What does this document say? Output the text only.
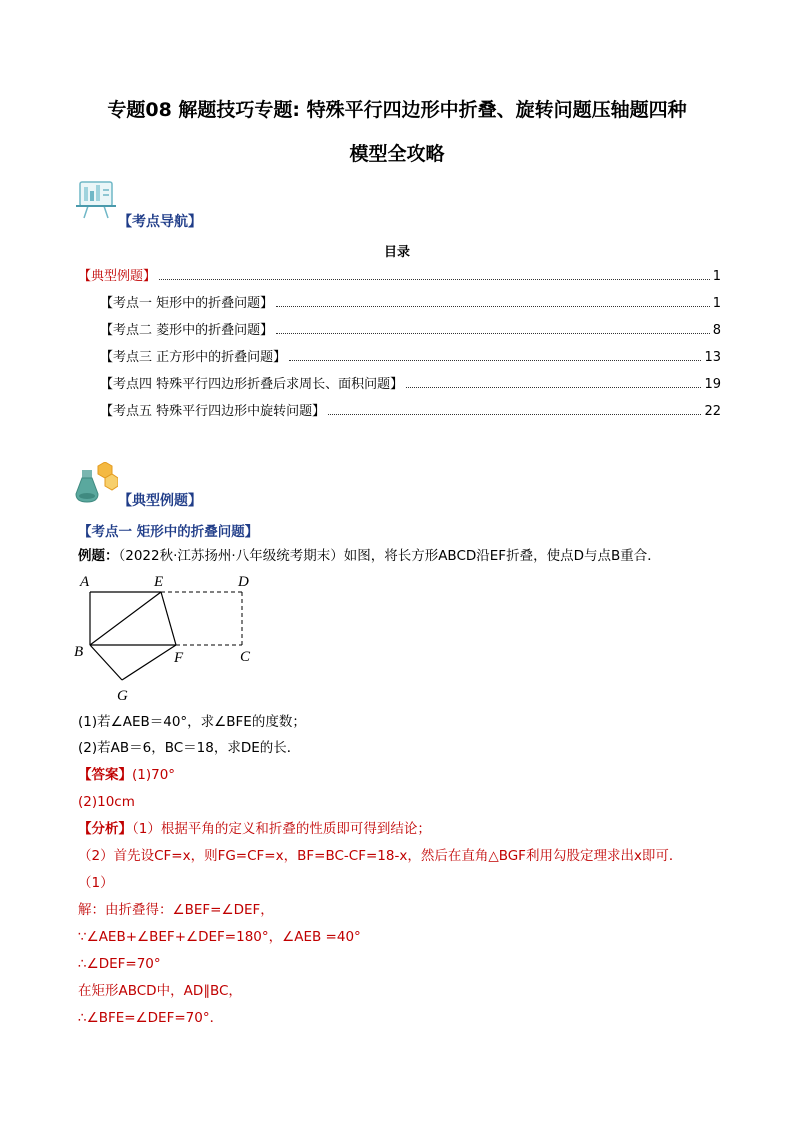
专题08 解题技巧专题: 特殊平行四边形中折叠、旋转问题压轴题四种
模型全攻略
【考点导航】
目录
【典型例题】	1
【考点一 矩形中的折叠问题】	1
【考点二 菱形中的折叠问题】	8
【考点三 正方形中的折叠问题】	13
【考点四 特殊平行四边形折叠后求周长、面积问题】	19
【考点五 特殊平行四边形中旋转问题】	22
【典型例题】
【考点一 矩形中的折叠问题】
例题：（2022秋·江苏扬州·八年级统考期末）如图，将长方形ABCD沿EF折叠，使点D与点B重合．
A	E	D
B	F	C
G
(1)若∠AEB＝40°，求∠BFE的度数；
(2)若AB＝6，BC＝18，求DE的长．
【答案】(1)70°
(2)10cm
【分析】（1）根据平角的定义和折叠的性质即可得到结论；
（2）首先设CF=x，则FG=CF=x，BF=BC-CF=18-x，然后在直角△BGF利用勾股定理求出x即可．
（1）
解：由折叠得：∠BEF=∠DEF，
∵∠AEB+∠BEF+∠DEF=180°，∠AEB =40°
∴∠DEF=70°
在矩形ABCD中，AD∥BC，
∴∠BFE=∠DEF=70°．
